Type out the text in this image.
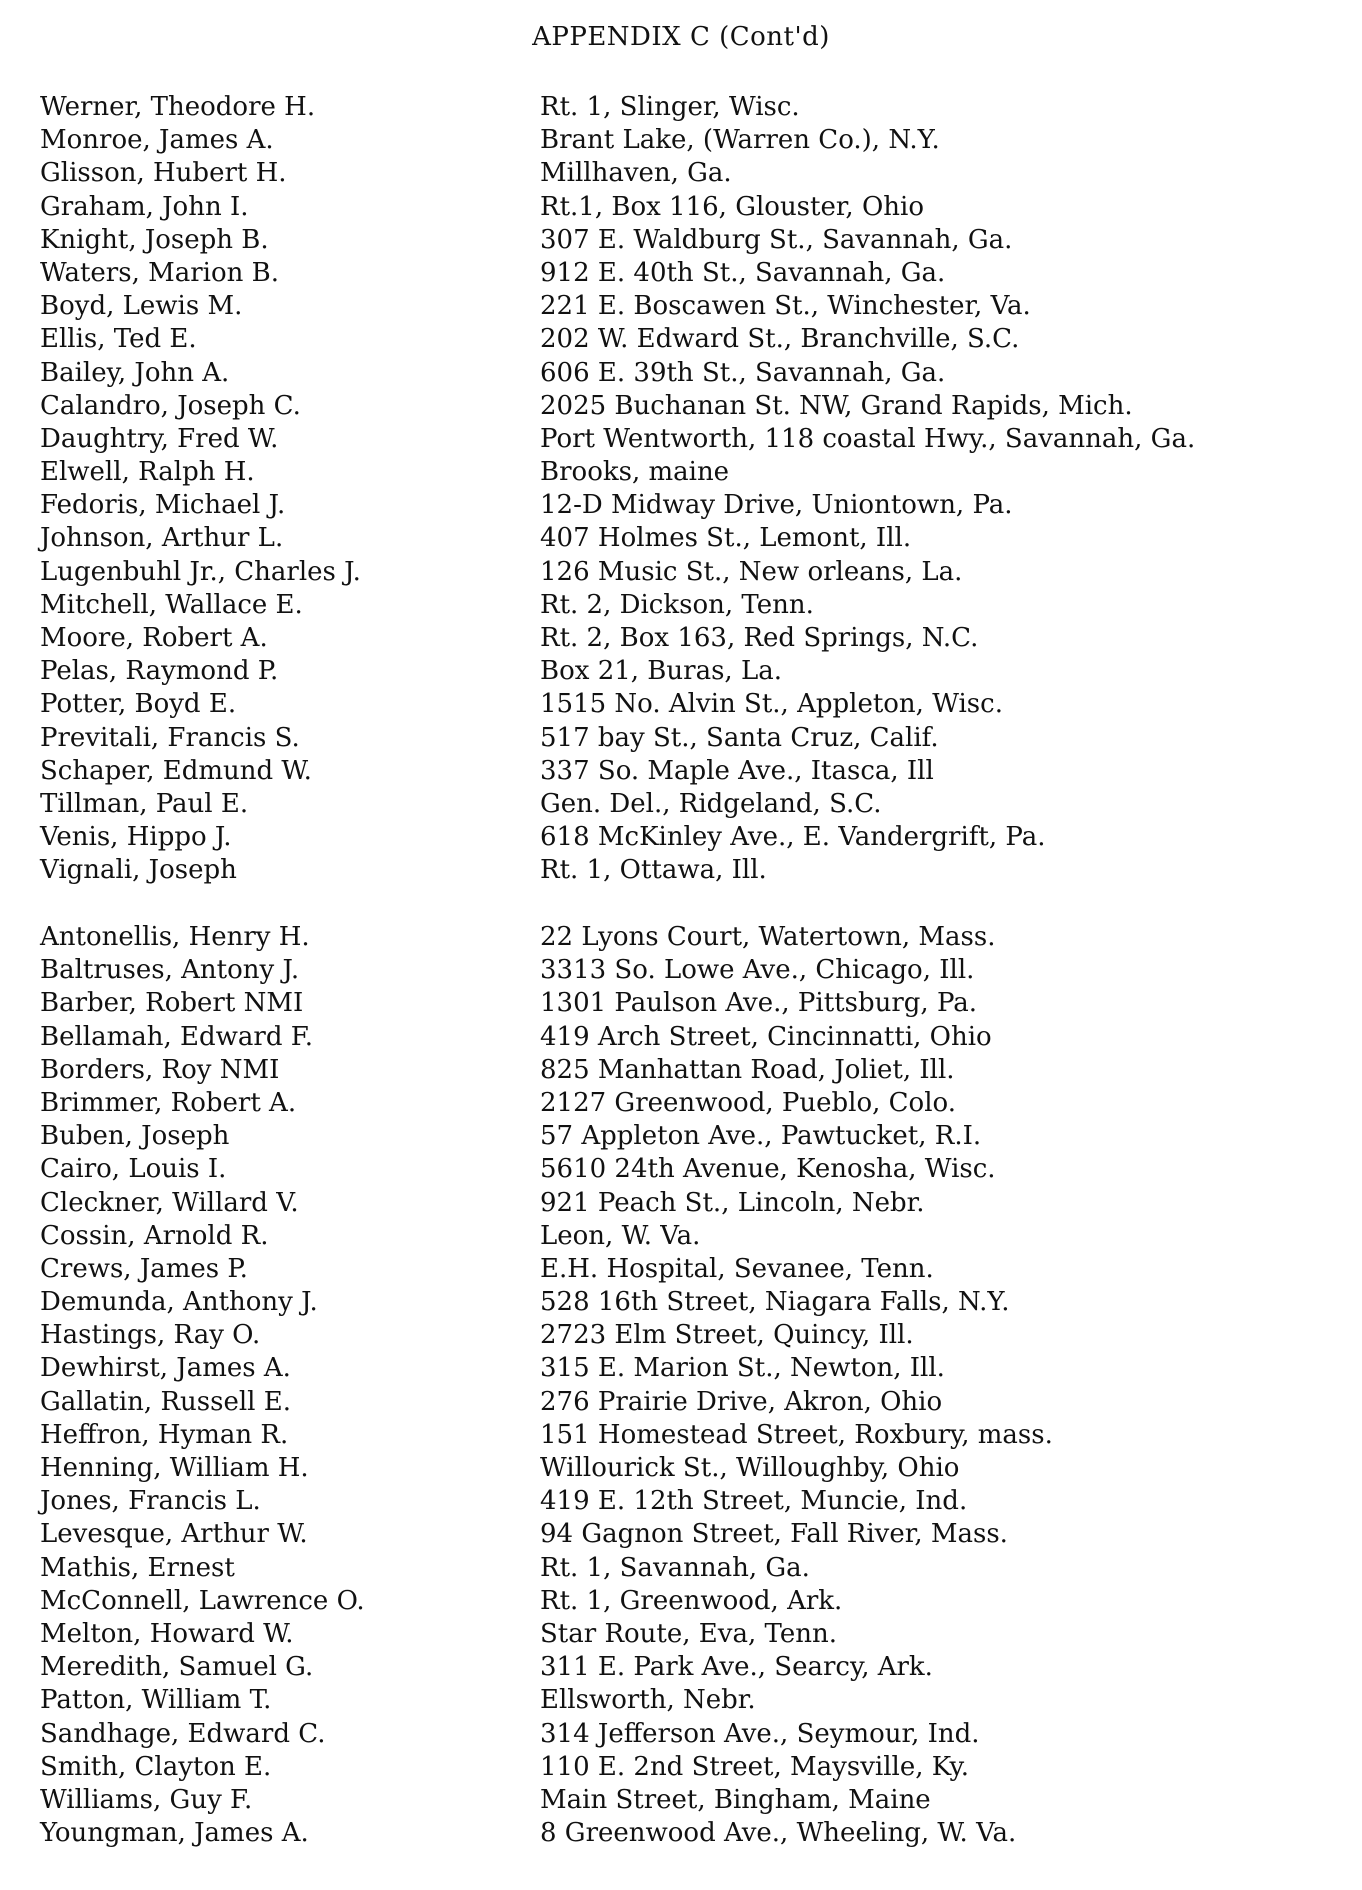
APPENDIX C (Cont'd)
Werner, Theodore H.	Rt. 1, Slinger, Wisc.
Monroe, James A.	Brant Lake, (Warren Co.), N.Y.
Glisson, Hubert H.	Millhaven, Ga.
Graham, John I.	Rt.1, Box 116, Glouster, Ohio
Knight, Joseph B.	307 E. Waldburg St., Savannah, Ga.
Waters, Marion B.	912 E. 40th St., Savannah, Ga.
Boyd, Lewis M.	221 E. Boscawen St., Winchester, Va.
Ellis, Ted E.	202 W. Edward St., Branchville, S.C.
Bailey, John A.	606 E. 39th St., Savannah, Ga.
Calandro, Joseph C.	2025 Buchanan St. NW, Grand Rapids, Mich.
Daughtry, Fred W.	Port Wentworth, 118 coastal Hwy., Savannah, Ga.
Elwell, Ralph H.	Brooks, maine
Fedoris, Michael J.	12-D Midway Drive, Uniontown, Pa.
Johnson, Arthur L.	407 Holmes St., Lemont, Ill.
Lugenbuhl Jr., Charles J.	126 Music St., New orleans, La.
Mitchell, Wallace E.	Rt. 2, Dickson, Tenn.
Moore, Robert A.	Rt. 2, Box 163, Red Springs, N.C.
Pelas, Raymond P.	Box 21, Buras, La.
Potter, Boyd E.	1515 No. Alvin St., Appleton, Wisc.
Previtali, Francis S.	517 bay St., Santa Cruz, Calif.
Schaper, Edmund W.	337 So. Maple Ave., Itasca, Ill
Tillman, Paul E.	Gen. Del., Ridgeland, S.C.
Venis, Hippo J.	618 McKinley Ave., E. Vandergrift, Pa.
Vignali, Joseph	Rt. 1, Ottawa, Ill.
Antonellis, Henry H.	22 Lyons Court, Watertown, Mass.
Baltruses, Antony J.	3313 So. Lowe Ave., Chicago, Ill.
Barber, Robert NMI	1301 Paulson Ave., Pittsburg, Pa.
Bellamah, Edward F.	419 Arch Street, Cincinnatti, Ohio
Borders, Roy NMI	825 Manhattan Road, Joliet, Ill.
Brimmer, Robert A.	2127 Greenwood, Pueblo, Colo.
Buben, Joseph	57 Appleton Ave., Pawtucket, R.I.
Cairo, Louis I.	5610 24th Avenue, Kenosha, Wisc.
Cleckner, Willard V.	921 Peach St., Lincoln, Nebr.
Cossin, Arnold R.	Leon, W. Va.
Crews, James P.	E.H. Hospital, Sevanee, Tenn.
Demunda, Anthony J.	528 16th Street, Niagara Falls, N.Y.
Hastings, Ray O.	2723 Elm Street, Quincy, Ill.
Dewhirst, James A.	315 E. Marion St., Newton, Ill.
Gallatin, Russell E.	276 Prairie Drive, Akron, Ohio
Heffron, Hyman R.	151 Homestead Street, Roxbury, mass.
Henning, William H.	Willourick St., Willoughby, Ohio
Jones, Francis L.	419 E. 12th Street, Muncie, Ind.
Levesque, Arthur W.	94 Gagnon Street, Fall River, Mass.
Mathis, Ernest	Rt. 1, Savannah, Ga.
McConnell, Lawrence O.	Rt. 1, Greenwood, Ark.
Melton, Howard W.	Star Route, Eva, Tenn.
Meredith, Samuel G.	311 E. Park Ave., Searcy, Ark.
Patton, William T.	Ellsworth, Nebr.
Sandhage, Edward C.	314 Jefferson Ave., Seymour, Ind.
Smith, Clayton E.	110 E. 2nd Street, Maysville, Ky.
Williams, Guy F.	Main Street, Bingham, Maine
Youngman, James A.	8 Greenwood Ave., Wheeling, W. Va.
